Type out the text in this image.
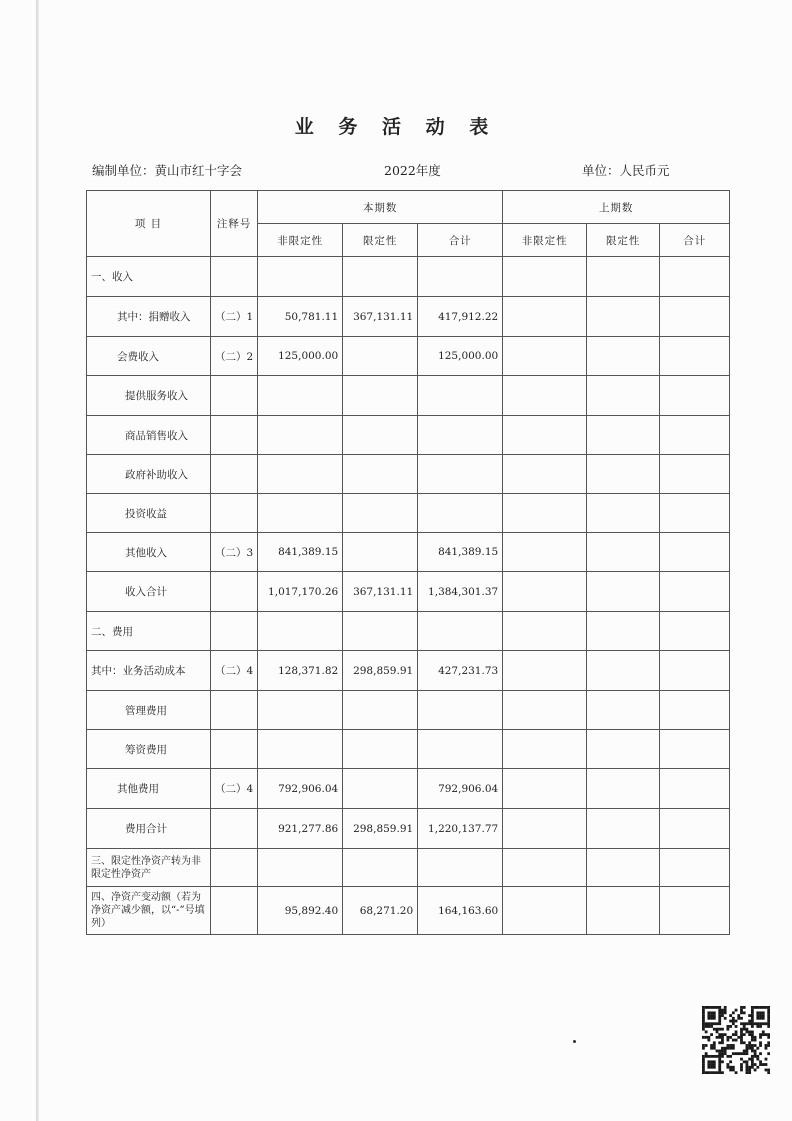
业 务 活 动 表
编制单位：黄山市红十字会	2022年度	单位：人民币元
项 目	注释号	本期数			上期数		
		非限定性	限定性	合计	非限定性	限定性	合计
一、收入							
其中：捐赠收入	（二）1	50,781.11	367,131.11	417,912.22			
会费收入	（二）2	125,000.00		125,000.00			
提供服务收入							
商品销售收入							
政府补助收入							
投资收益							
其他收入	（二）3	841,389.15		841,389.15			
收入合计		1,017,170.26	367,131.11	1,384,301.37			
二、费用							
其中：业务活动成本	（二）4	128,371.82	298,859.91	427,231.73			
管理费用							
筹资费用							
其他费用	（二）4	792,906.04		792,906.04			
费用合计		921,277.86	298,859.91	1,220,137.77			
三、限定性净资产转为非限定性净资产							
四、净资产变动额（若为净资产减少额，以“-”号填列）		95,892.40	68,271.20	164,163.60			
